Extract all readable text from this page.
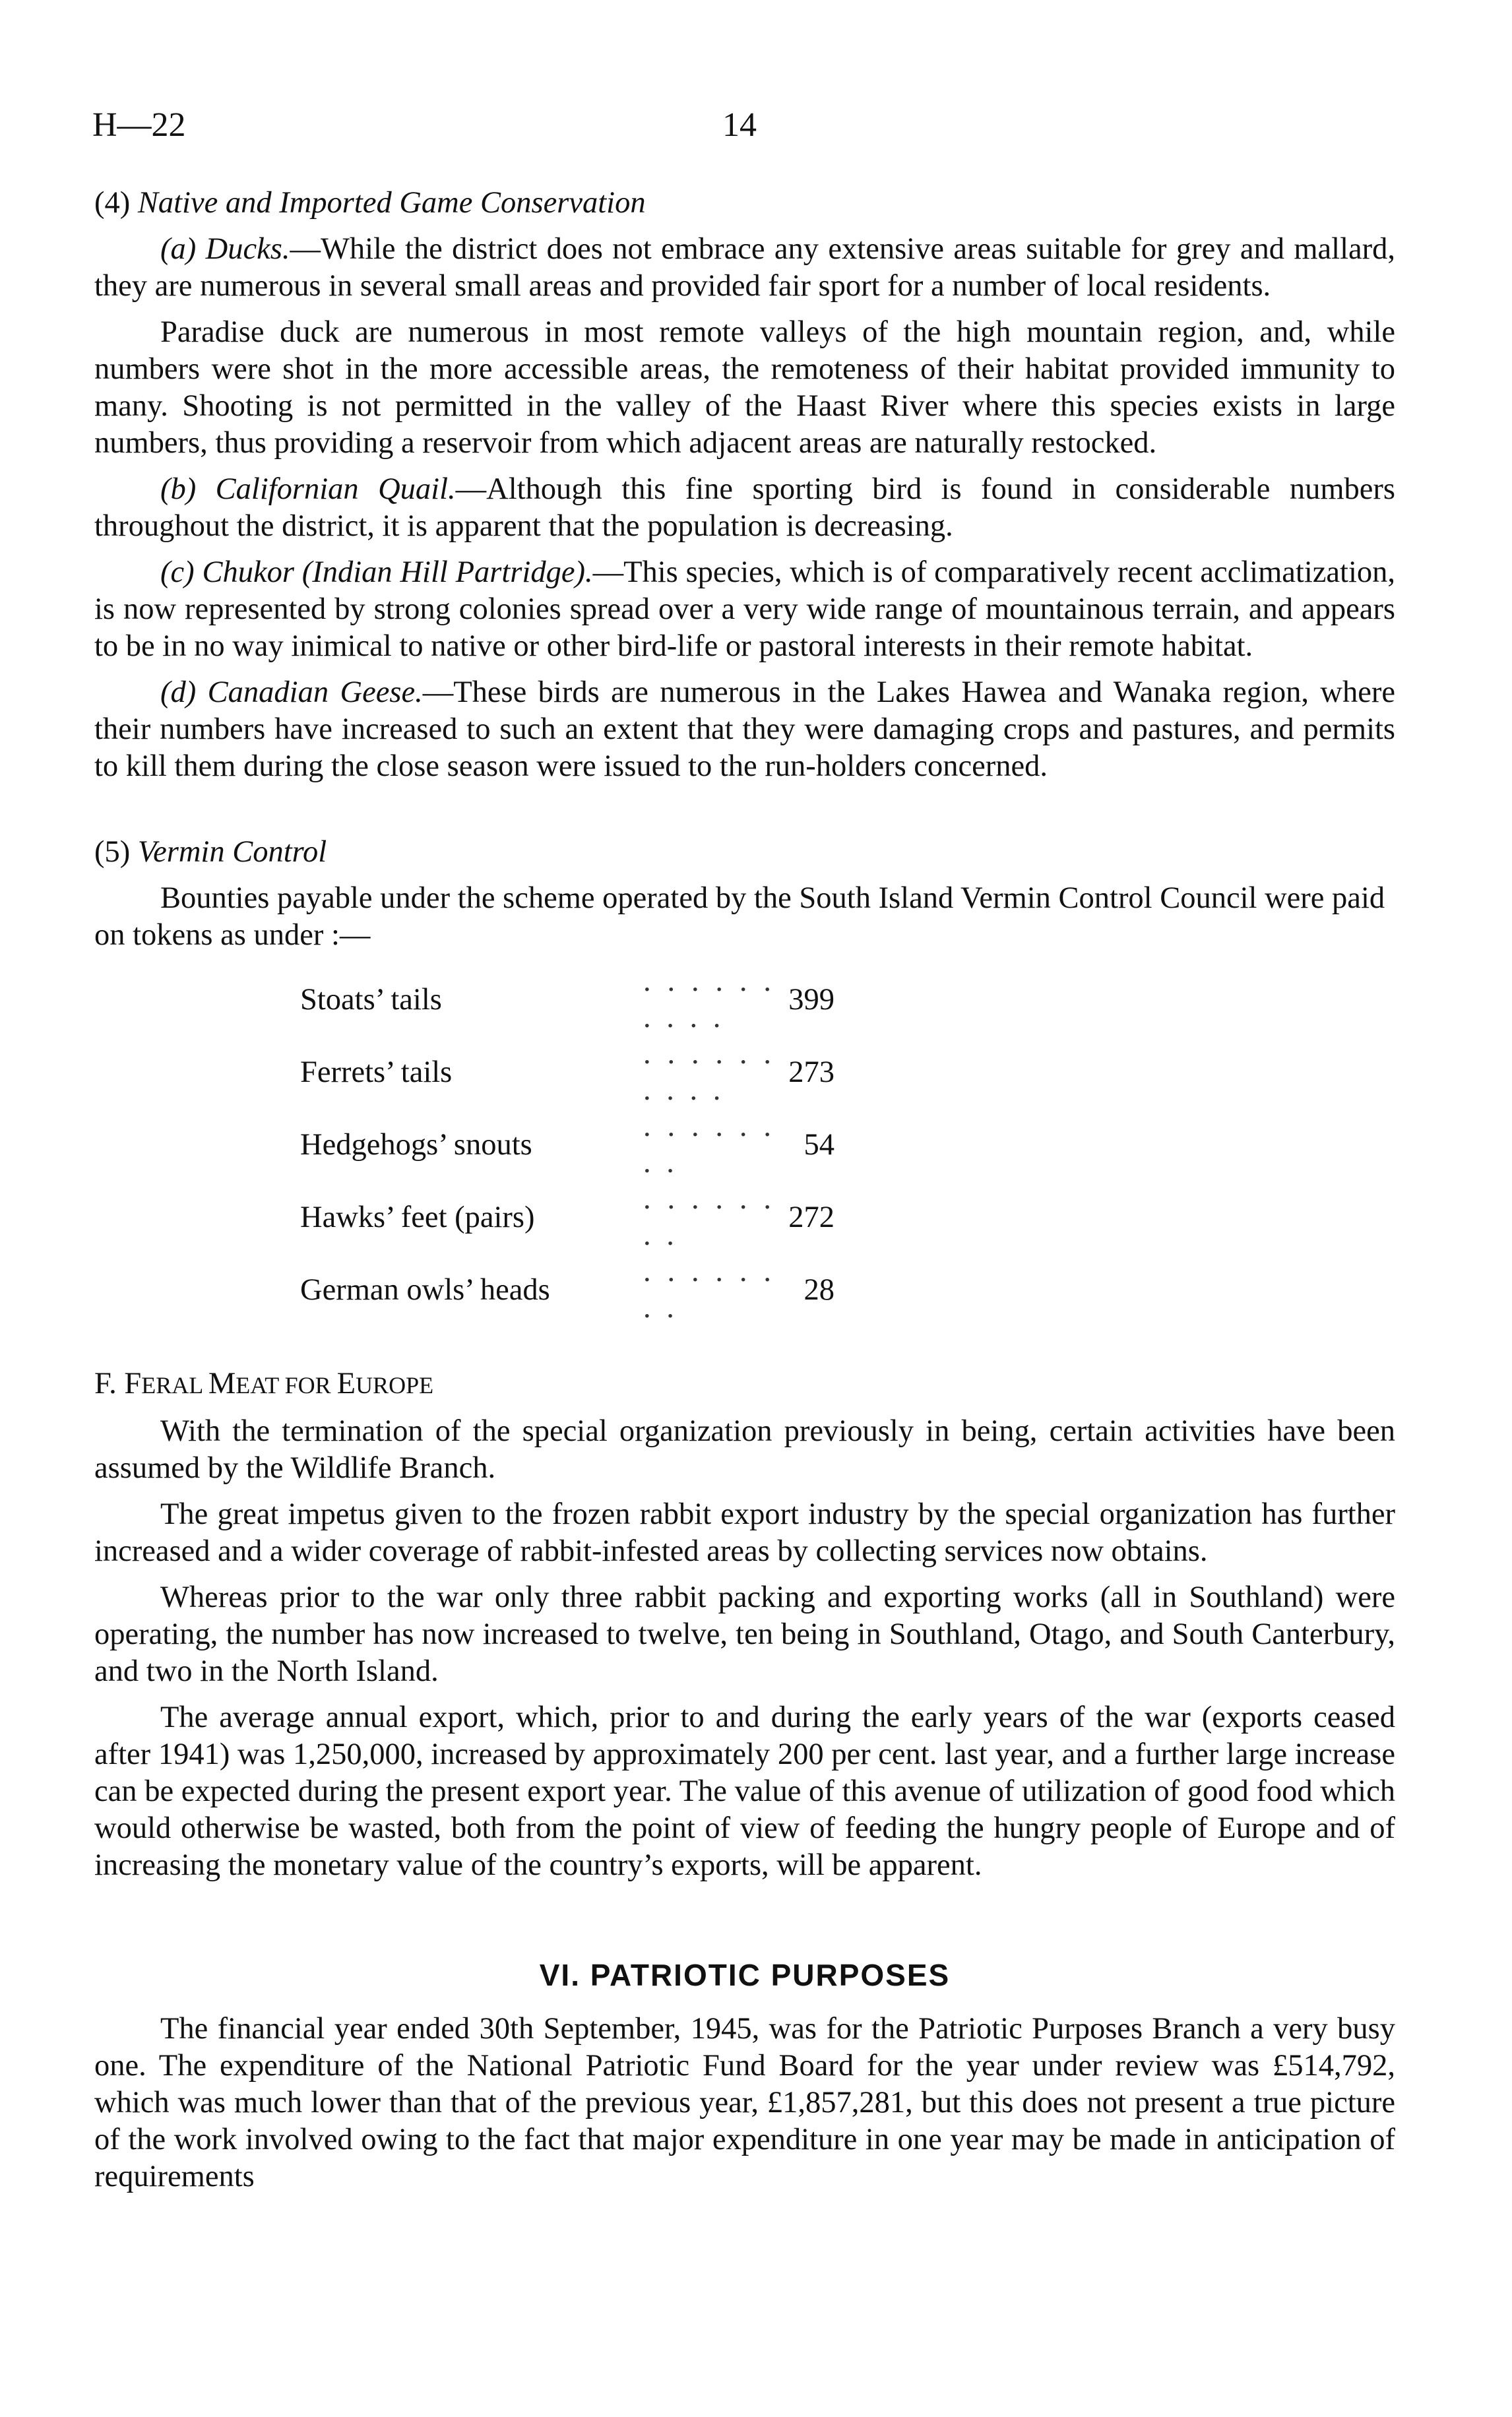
H—22	14
(4) Native and Imported Game Conservation

(a) Ducks.—While the district does not embrace any extensive areas suitable for grey and mallard, they are numerous in several small areas and provided fair sport for a number of local residents.

Paradise duck are numerous in most remote valleys of the high mountain region, and, while numbers were shot in the more accessible areas, the remoteness of their habitat provided immunity to many. Shooting is not permitted in the valley of the Haast River where this species exists in large numbers, thus providing a reservoir from which adjacent areas are naturally restocked.

(b) Californian Quail.—Although this fine sporting bird is found in considerable numbers throughout the district, it is apparent that the population is decreasing.

(c) Chukor (Indian Hill Partridge).—This species, which is of comparatively recent acclimatization, is now represented by strong colonies spread over a very wide range of mountainous terrain, and appears to be in no way inimical to native or other bird-life or pastoral interests in their remote habitat.

(d) Canadian Geese.—These birds are numerous in the Lakes Hawea and Wanaka region, where their numbers have increased to such an extent that they were damaging crops and pastures, and permits to kill them during the close season were issued to the run-holders concerned.

(5) Vermin Control

Bounties payable under the scheme operated by the South Island Vermin Control Council were paid on tokens as under :—

Stoats’ tails	. . . . . . . . . .	399
Ferrets’ tails	. . . . . . . . . .	273
Hedgehogs’ snouts	. . . . . . . .	54
Hawks’ feet (pairs)	. . . . . . . .	272
German owls’ heads	. . . . . . . .	28
F. FERAL MEAT FOR EUROPE

With the termination of the special organization previously in being, certain activities have been assumed by the Wildlife Branch.

The great impetus given to the frozen rabbit export industry by the special organization has further increased and a wider coverage of rabbit-infested areas by collecting services now obtains.

Whereas prior to the war only three rabbit packing and exporting works (all in Southland) were operating, the number has now increased to twelve, ten being in Southland, Otago, and South Canterbury, and two in the North Island.

The average annual export, which, prior to and during the early years of the war (exports ceased after 1941) was 1,250,000, increased by approximately 200 per cent. last year, and a further large increase can be expected during the present export year. The value of this avenue of utilization of good food which would otherwise be wasted, both from the point of view of feeding the hungry people of Europe and of increasing the monetary value of the country’s exports, will be apparent.

VI. PATRIOTIC PURPOSES

The financial year ended 30th September, 1945, was for the Patriotic Purposes Branch a very busy one. The expenditure of the National Patriotic Fund Board for the year under review was £514,792, which was much lower than that of the previous year, £1,857,281, but this does not present a true picture of the work involved owing to the fact that major expenditure in one year may be made in anticipation of requirements
